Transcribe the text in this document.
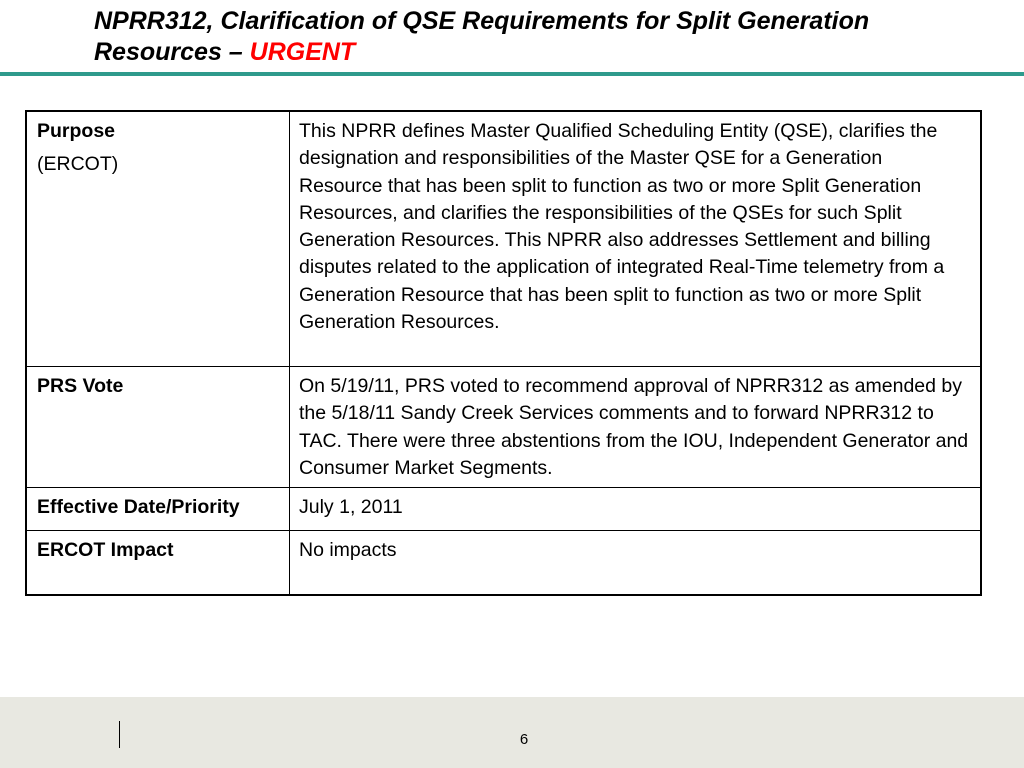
NPRR312, Clarification of QSE Requirements for Split Generation Resources – URGENT
Purpose
(ERCOT)	This NPRR defines Master Qualified Scheduling Entity (QSE), clarifies the designation and responsibilities of the Master QSE for a Generation Resource that has been split to function as two or more Split Generation Resources, and clarifies the responsibilities of the QSEs for such Split Generation Resources. This NPRR also addresses Settlement and billing disputes related to the application of integrated Real-Time telemetry from a Generation Resource that has been split to function as two or more Split Generation Resources.
PRS Vote	On 5/19/11, PRS voted to recommend approval of NPRR312 as amended by the 5/18/11 Sandy Creek Services comments and to forward NPRR312 to TAC. There were three abstentions from the IOU, Independent Generator and Consumer Market Segments.
Effective Date/Priority	July 1, 2011
ERCOT Impact	No impacts
6
